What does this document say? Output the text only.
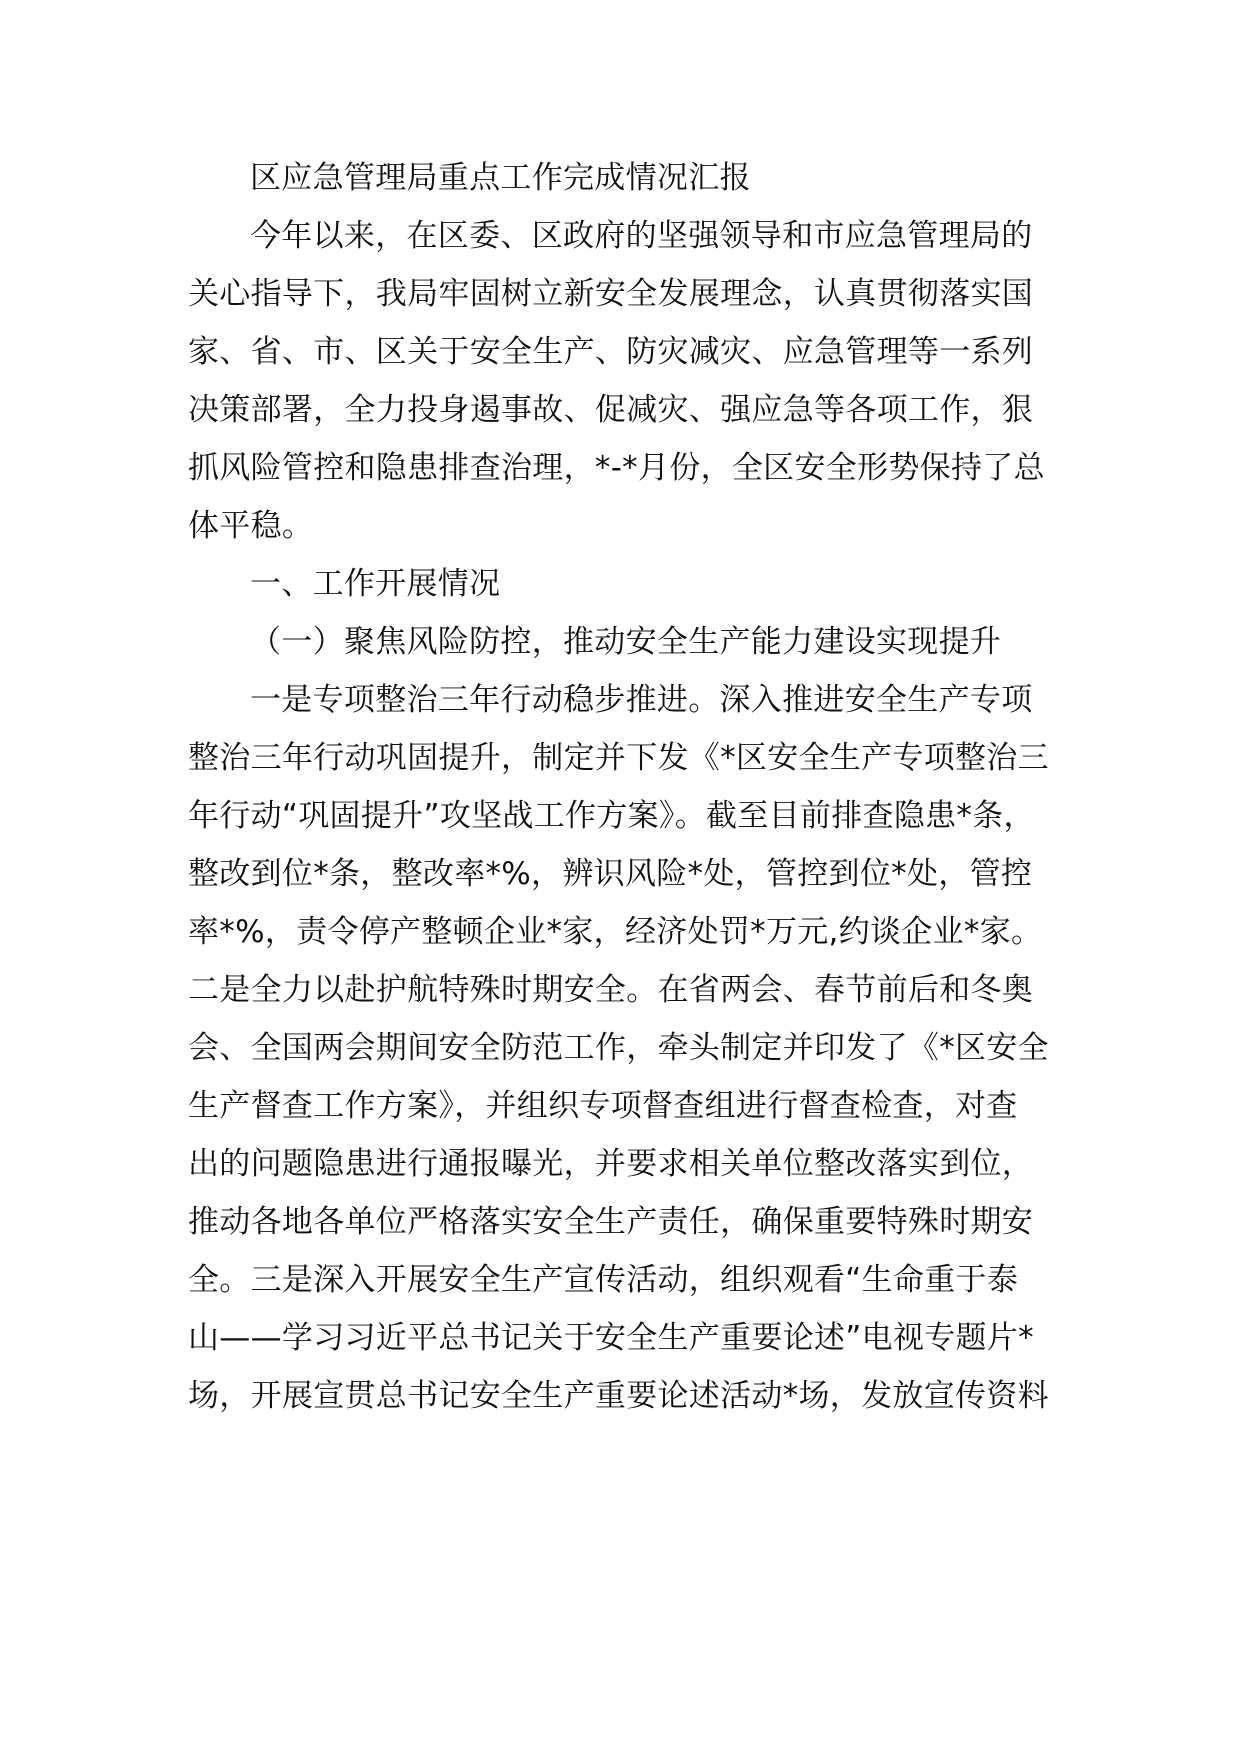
区应急管理局重点工作完成情况汇报
今年以来，在区委、区政府的坚强领导和市应急管理局的
关心指导下，我局牢固树立新安全发展理念，认真贯彻落实国
家、省、市、区关于安全生产、防灾减灾、应急管理等一系列
决策部署，全力投身遏事故、促减灾、强应急等各项工作，狠
抓风险管控和隐患排查治理，*-*月份，全区安全形势保持了总
体平稳。
一、工作开展情况
（一）聚焦风险防控，推动安全生产能力建设实现提升
一是专项整治三年行动稳步推进。深入推进安全生产专项
整治三年行动巩固提升，制定并下发《*区安全生产专项整治三
年行动“巩固提升”攻坚战工作方案》。截至目前排查隐患*条，
整改到位*条，整改率*%，辨识风险*处，管控到位*处，管控
率*%，责令停产整顿企业*家，经济处罚*万元,约谈企业*家。
二是全力以赴护航特殊时期安全。在省两会、春节前后和冬奥
会、全国两会期间安全防范工作，牵头制定并印发了《*区安全
生产督查工作方案》，并组织专项督查组进行督查检查，对查
出的问题隐患进行通报曝光，并要求相关单位整改落实到位，
推动各地各单位严格落实安全生产责任，确保重要特殊时期安
全。三是深入开展安全生产宣传活动，组织观看“生命重于泰
山——学习习近平总书记关于安全生产重要论述”电视专题片*
场，开展宣贯总书记安全生产重要论述活动*场，发放宣传资料
